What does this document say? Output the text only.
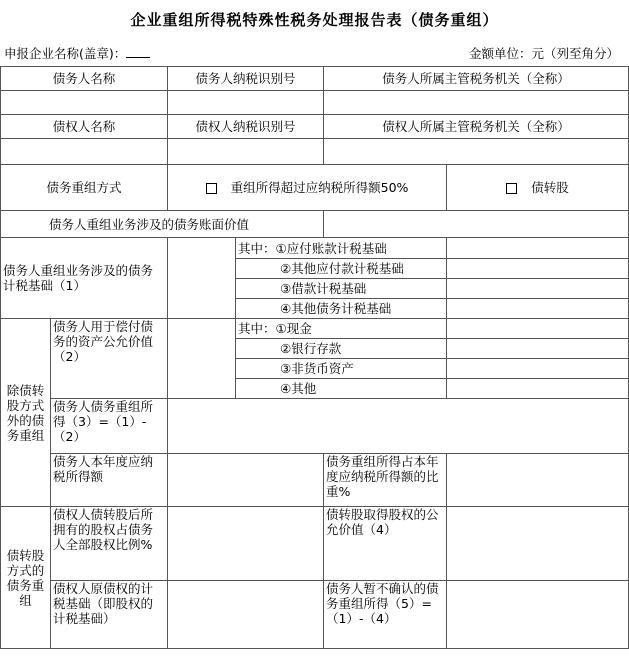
企业重组所得税特殊性税务处理报告表（债务重组）
申报企业名称(盖章)：	金额单位：元（列至角分）
债务人名称		债务人纳税识别号		债务人所属主管税务机关（全称）	

债权人名称		债权人纳税识别号		债权人所属主管税务机关（全称）	

债务重组方式		重组所得超过应纳税所得额50%			债转股
债务人重组业务涉及的债务账面价值					
债务人重组业务涉及的债务计税基础（1）			其中：①应付账款计税基础		
			②其他应付款计税基础		
			③借款计税基础		
			④其他债务计税基础		
除债转股方式外的债务重组	债务人用于偿付债务的资产公允价值（2）		其中：①现金		
			②银行存款		
			③非货币资产		
			④其他		
	债务人债务重组所得（3）=（1）-（2）				
	债务人本年度应纳税所得额			债务重组所得占本年度应纳税所得额的比重%	
债转股方式的债务重组	债权人债转股后所拥有的股权占债务人全部股权比例%			债转股取得股权的公允价值（4）	
	债权人原债权的计税基础（即股权的计税基础）			债务人暂不确认的债务重组所得（5）=（1）-（4）	
